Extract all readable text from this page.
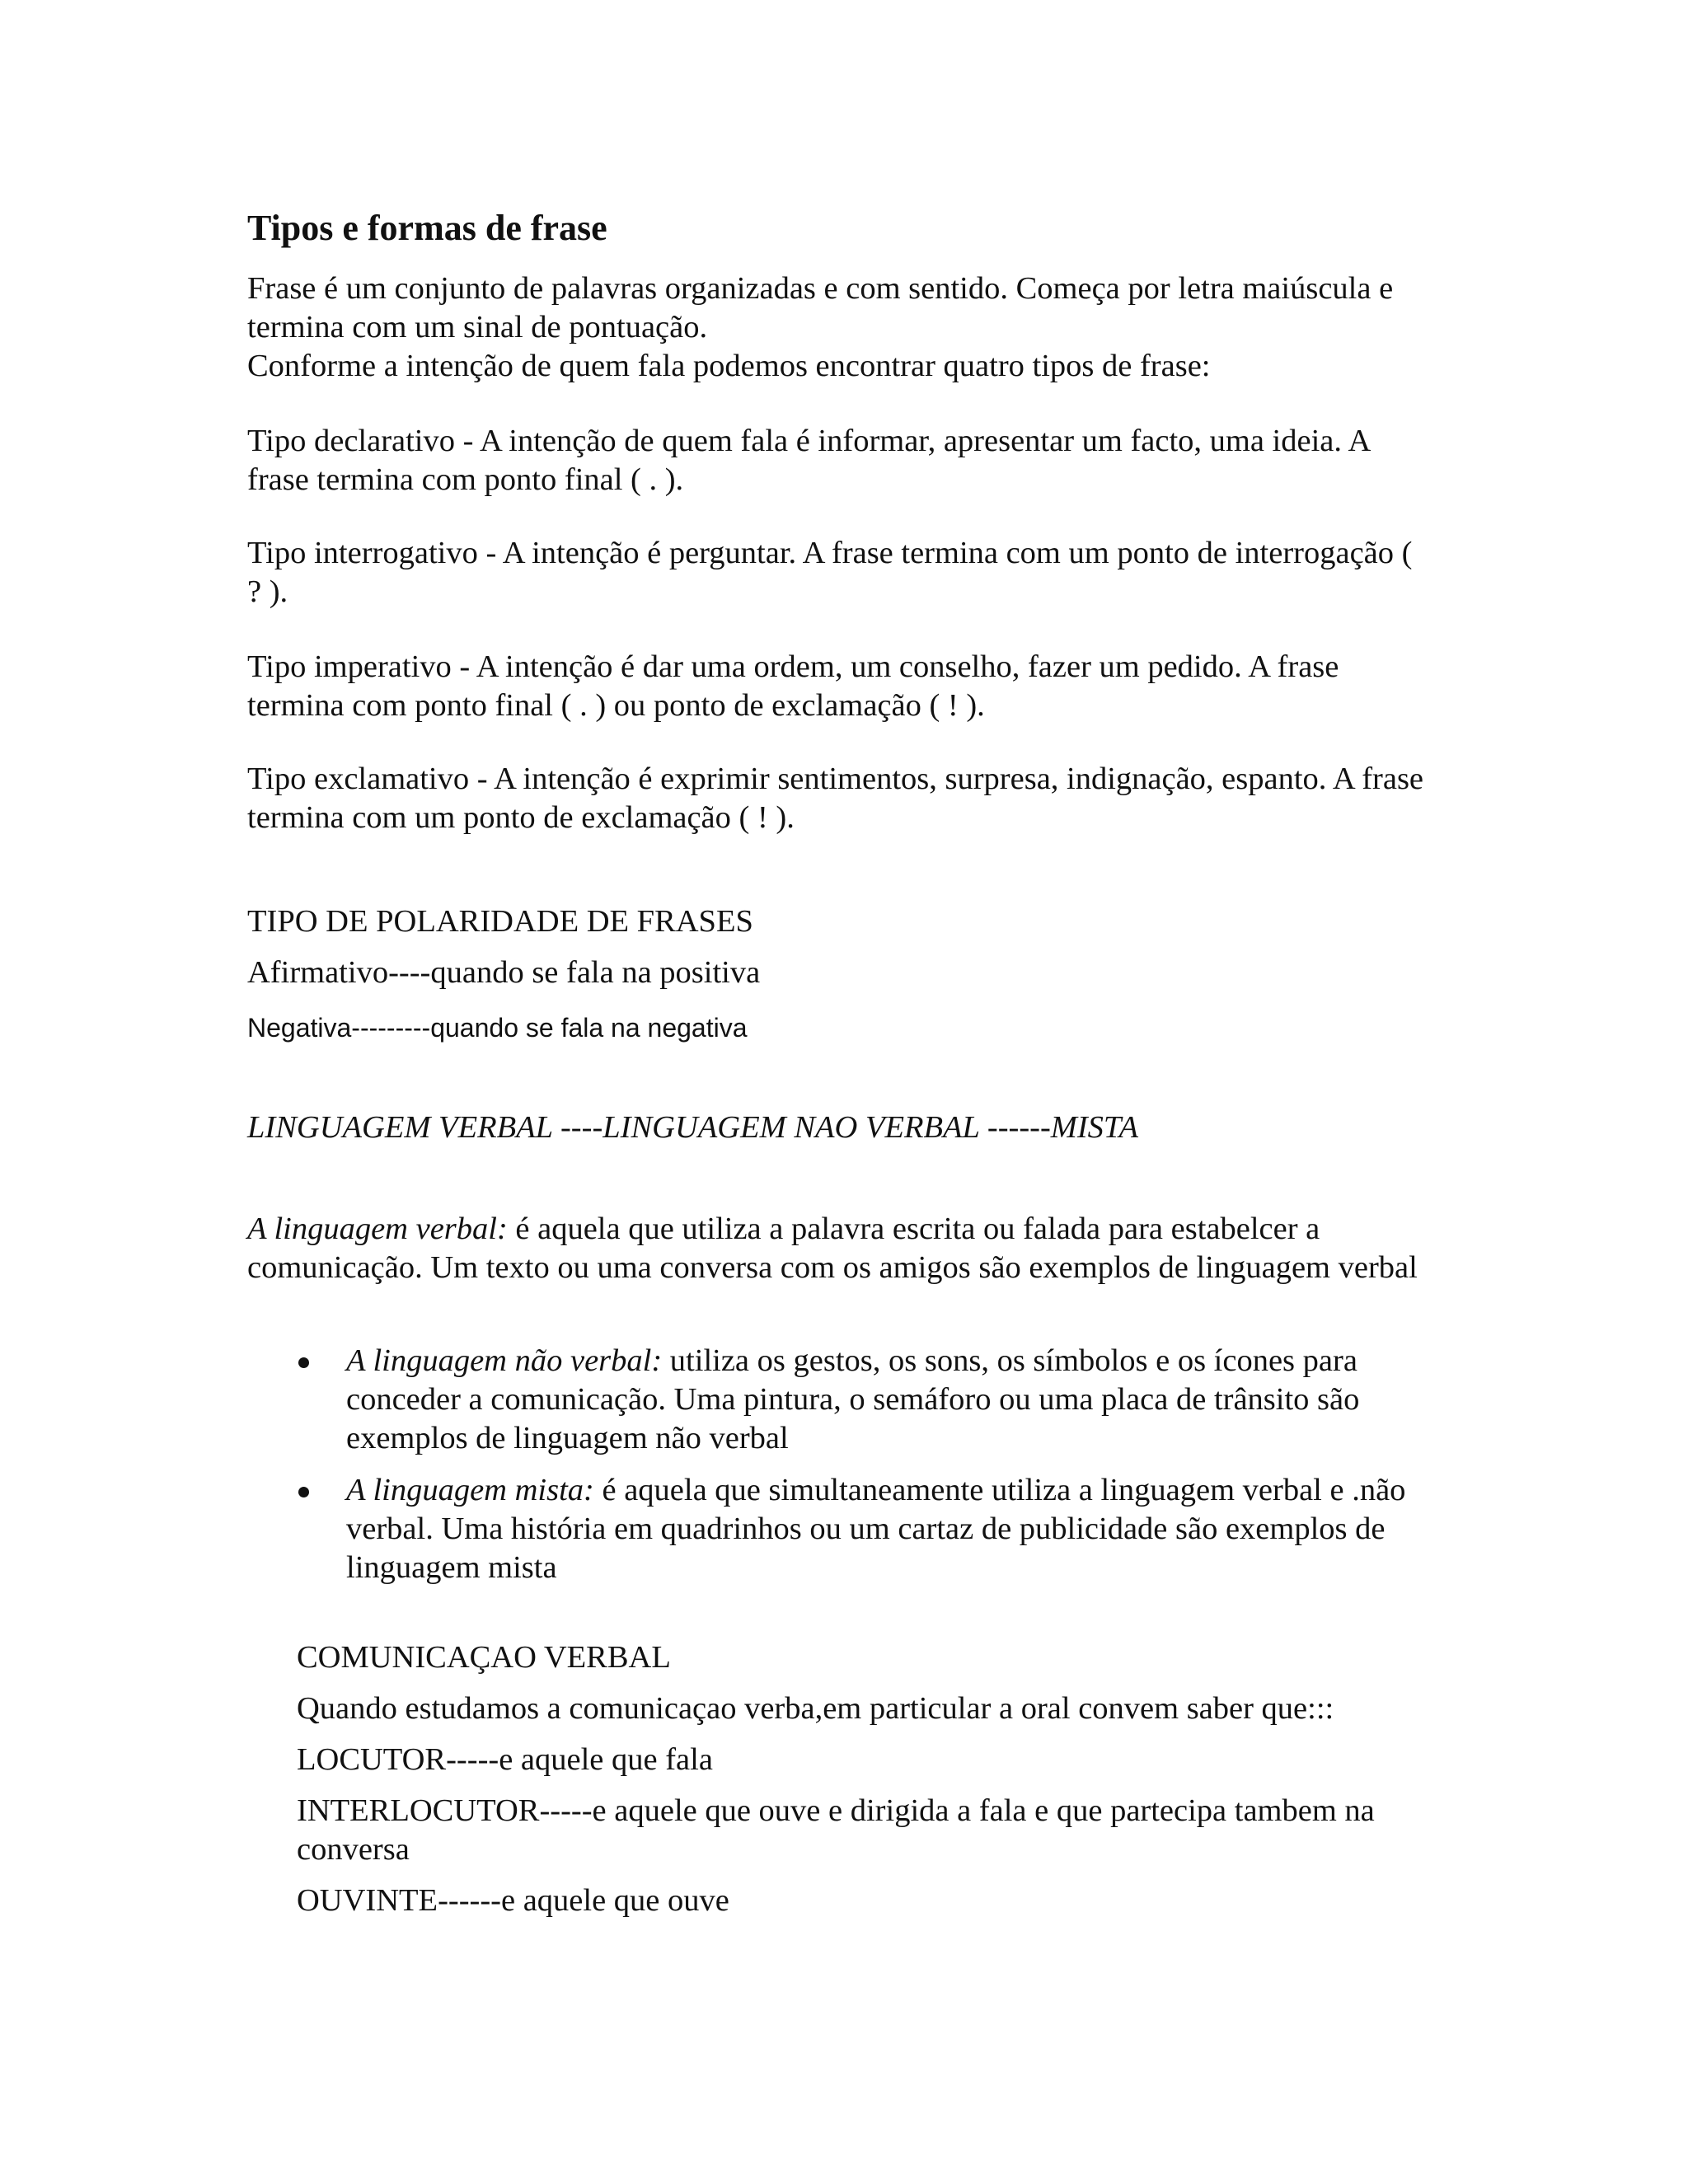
Tipos e formas de frase

Frase é um conjunto de palavras organizadas e com sentido. Começa por letra maiúscula e termina com um sinal de pontuação.

Conforme a intenção de quem fala podemos encontrar quatro tipos de frase:

Tipo declarativo - A intenção de quem fala é informar, apresentar um facto, uma ideia. A frase termina com ponto final ( . ).

Tipo interrogativo - A intenção é perguntar. A frase termina com um ponto de interrogação ( ? ).

Tipo imperativo - A intenção é dar uma ordem, um conselho, fazer um pedido. A frase termina com ponto final ( . ) ou ponto de exclamação ( ! ).

Tipo exclamativo - A intenção é exprimir sentimentos, surpresa, indignação, espanto. A frase termina com um ponto de exclamação ( ! ).

TIPO DE POLARIDADE DE FRASES

Afirmativo----quando se fala na positiva

Negativa---------quando se fala na negativa

LINGUAGEM VERBAL ----LINGUAGEM NAO VERBAL ------MISTA

A linguagem verbal: é aquela que utiliza a palavra escrita ou falada para estabelcer a comunicação. Um texto ou uma conversa com os amigos são exemplos de linguagem verbal

A linguagem não verbal: utiliza os gestos, os sons, os símbolos e os ícones para conceder a comunicação. Uma pintura, o semáforo ou uma placa de trânsito são exemplos de linguagem não verbal
A linguagem mista: é aquela que simultaneamente utiliza a linguagem verbal e .não verbal. Uma história em quadrinhos ou um cartaz de publicidade são exemplos de linguagem mista

COMUNICAÇAO VERBAL

Quando estudamos a comunicaçao verba,em particular a oral convem saber que:::

LOCUTOR-----e aquele que fala

INTERLOCUTOR-----e aquele que ouve e dirigida a fala e que partecipa tambem na conversa

OUVINTE------e aquele que ouve
